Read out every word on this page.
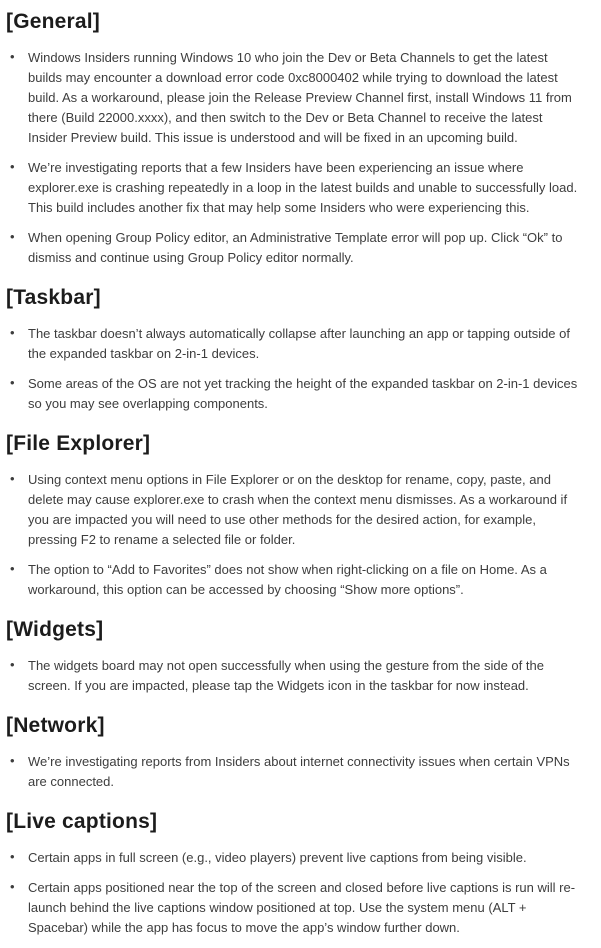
[General]
• Windows Insiders running Windows 10 who join the Dev or Beta Channels to get the latest builds may encounter a download error code 0xc8000402 while trying to download the latest build. As a workaround, please join the Release Preview Channel first, install Windows 11 from there (Build 22000.xxxx), and then switch to the Dev or Beta Channel to receive the latest Insider Preview build. This issue is understood and will be fixed in an upcoming build.
• We’re investigating reports that a few Insiders have been experiencing an issue where explorer.exe is crashing repeatedly in a loop in the latest builds and unable to successfully load. This build includes another fix that may help some Insiders who were experiencing this.
• When opening Group Policy editor, an Administrative Template error will pop up. Click “Ok” to dismiss and continue using Group Policy editor normally.
[Taskbar]
• The taskbar doesn’t always automatically collapse after launching an app or tapping outside of the expanded taskbar on 2-in-1 devices.
• Some areas of the OS are not yet tracking the height of the expanded taskbar on 2-in-1 devices so you may see overlapping components.
[File Explorer]
• Using context menu options in File Explorer or on the desktop for rename, copy, paste, and delete may cause explorer.exe to crash when the context menu dismisses. As a workaround if you are impacted you will need to use other methods for the desired action, for example, pressing F2 to rename a selected file or folder.
• The option to “Add to Favorites” does not show when right-clicking on a file on Home. As a workaround, this option can be accessed by choosing “Show more options”.
[Widgets]
• The widgets board may not open successfully when using the gesture from the side of the screen. If you are impacted, please tap the Widgets icon in the taskbar for now instead.
[Network]
• We’re investigating reports from Insiders about internet connectivity issues when certain VPNs are connected.
[Live captions]
• Certain apps in full screen (e.g., video players) prevent live captions from being visible.
• Certain apps positioned near the top of the screen and closed before live captions is run will re-launch behind the live captions window positioned at top. Use the system menu (ALT + Spacebar) while the app has focus to move the app’s window further down.
